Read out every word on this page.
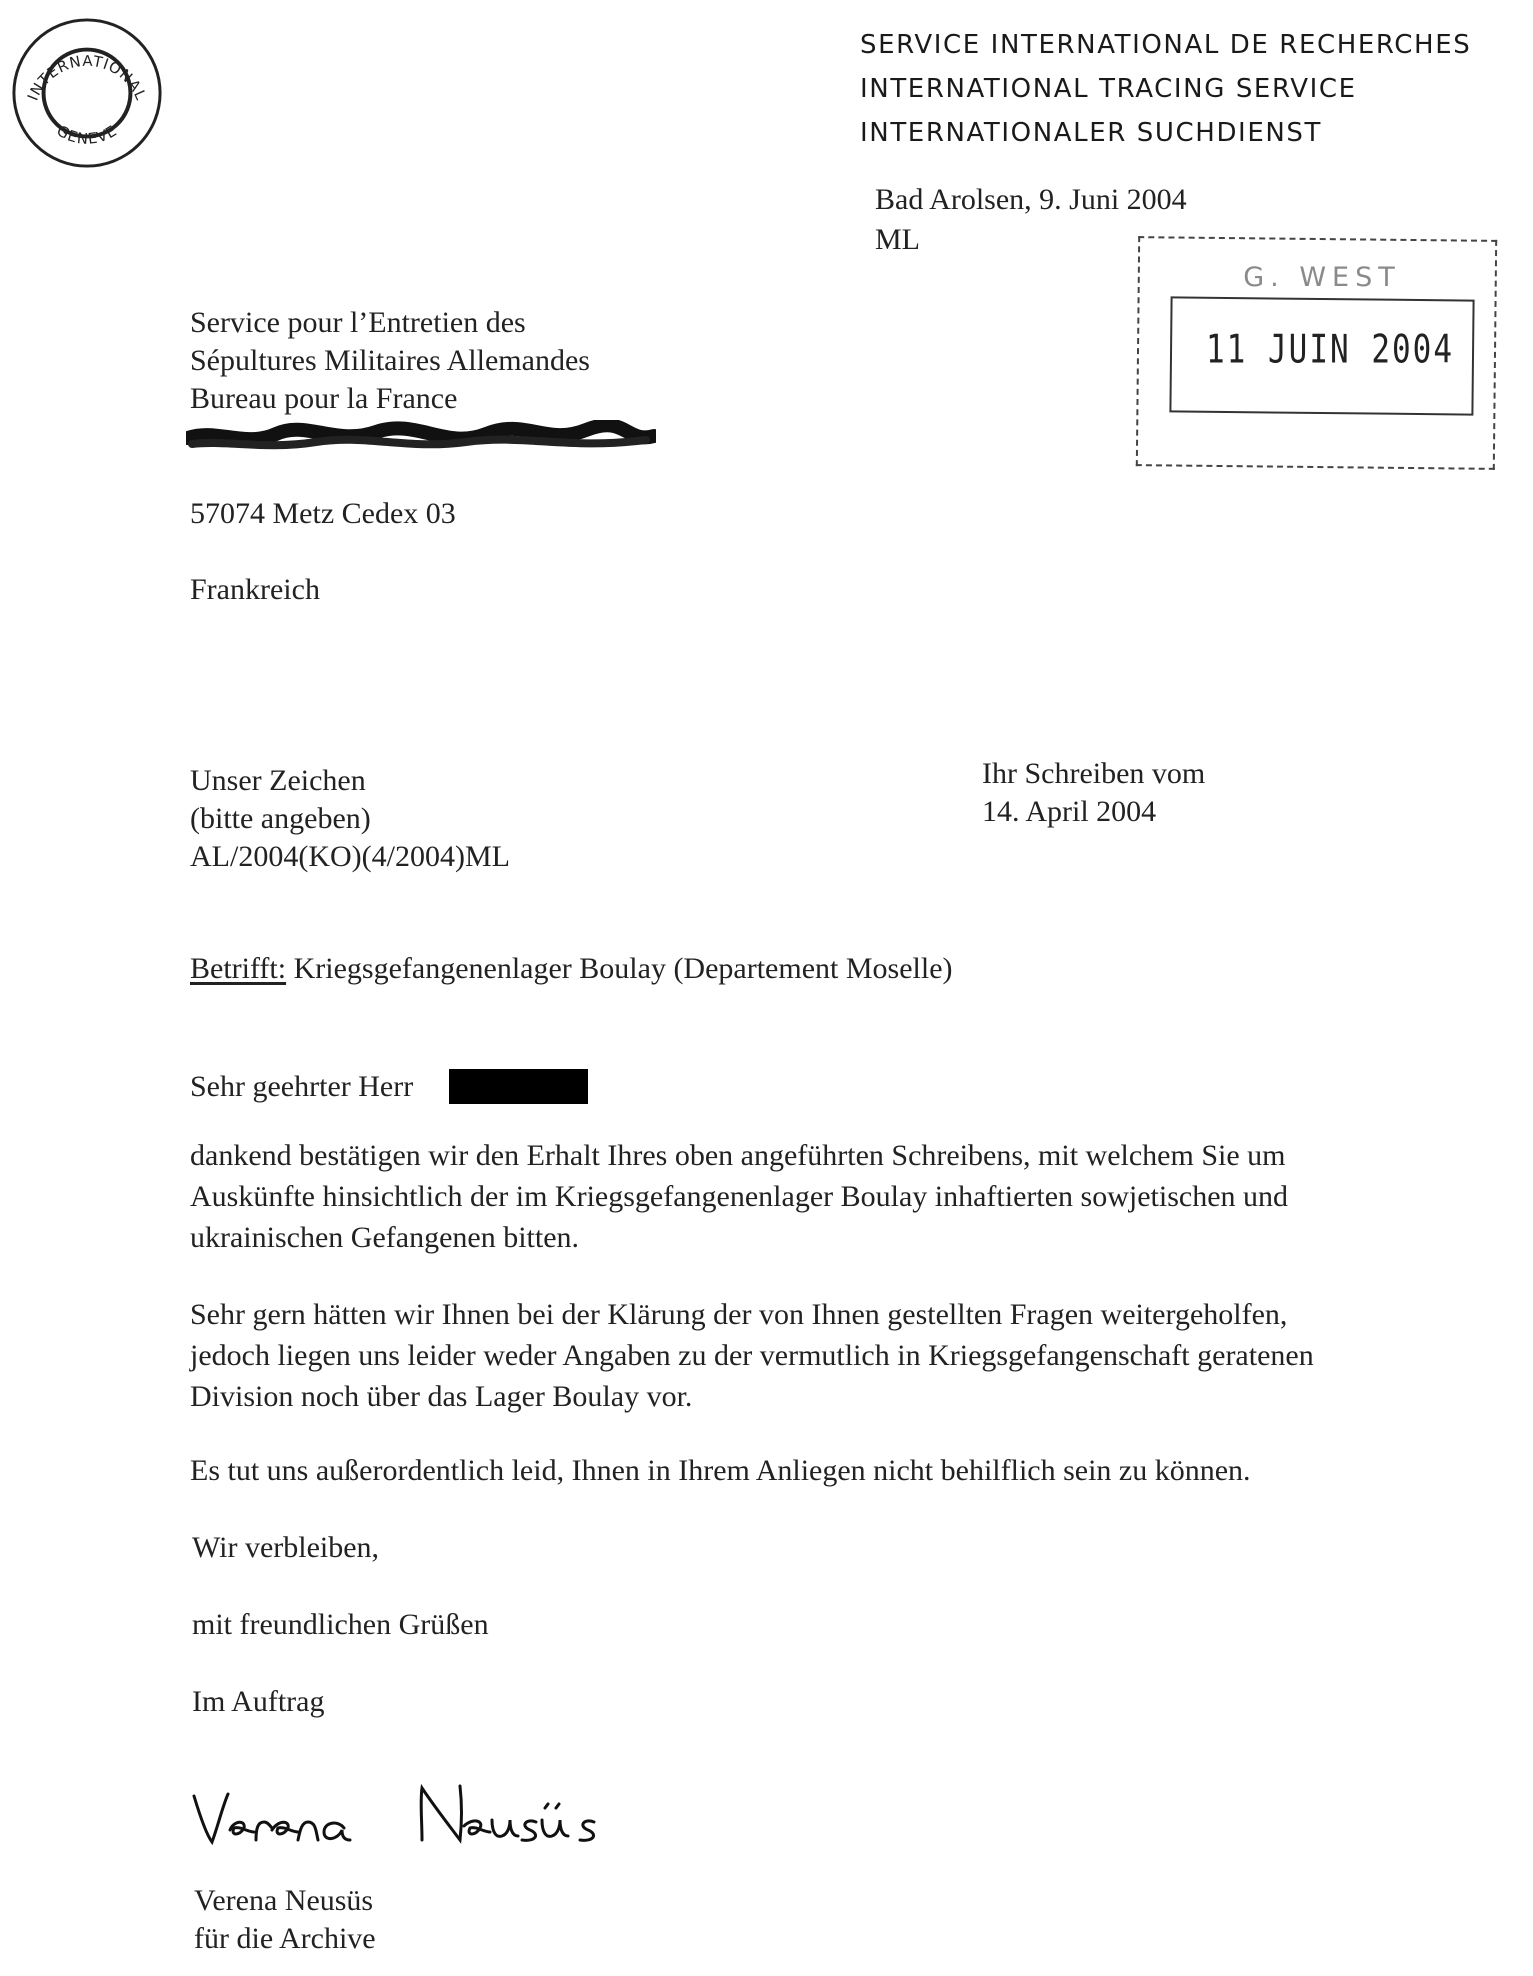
INTERNATIONAL
GENEVE
SERVICE INTERNATIONAL DE RECHERCHES
INTERNATIONAL TRACING SERVICE
INTERNATIONALER SUCHDIENST
Bad Arolsen, 9. Juni 2004
ML
G. WEST
11 JUIN 2004
Service pour l’Entretien des
Sépultures Militaires Allemandes
Bureau pour la France
57074 Metz Cedex 03
Frankreich
Unser Zeichen
(bitte angeben)
AL/2004(KO)(4/2004)ML
Ihr Schreiben vom
14. April 2004
Betrifft: Kriegsgefangenenlager Boulay (Departement Moselle)
Sehr geehrter Herr
dankend bestätigen wir den Erhalt Ihres oben angeführten Schreibens, mit welchem Sie um
Auskünfte hinsichtlich der im Kriegsgefangenenlager Boulay inhaftierten sowjetischen und
ukrainischen Gefangenen bitten.
Sehr gern hätten wir Ihnen bei der Klärung der von Ihnen gestellten Fragen weitergeholfen,
jedoch liegen uns leider weder Angaben zu der vermutlich in Kriegsgefangenschaft geratenen
Division noch über das Lager Boulay vor.
Es tut uns außerordentlich leid, Ihnen in Ihrem Anliegen nicht behilflich sein zu können.
Wir verbleiben,
mit freundlichen Grüßen
Im Auftrag
Verena Neusüs
für die Archive
